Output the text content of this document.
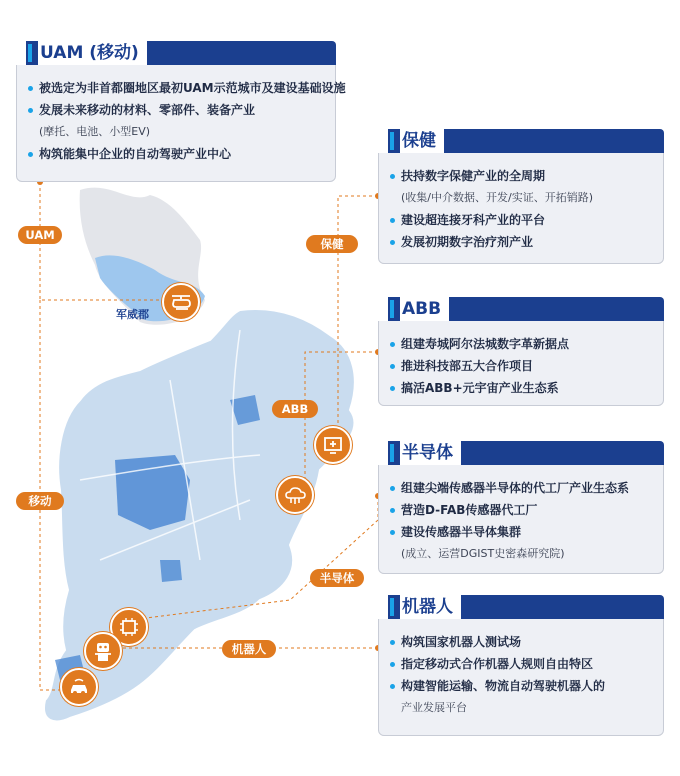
军威郡
UAM
移动
保健
ABB
半导体
机器人
UAM (移动)
被选定为非首都圈地区最初UAM示范城市及建设基础设施
发展未来移动的材料、零部件、装备产业
(摩托、电池、小型EV)
构筑能集中企业的自动驾驶产业中心
保健
扶持数字保健产业的全周期
(收集/中介数据、开发/实证、开拓销路)
建设超连接牙科产业的平台
发展初期数字治疗剂产业
ABB
组建寿城阿尔法城数字革新据点
推进科技部五大合作项目
搞活ABB+元宇宙产业生态系
半导体
组建尖端传感器半导体的代工厂产业生态系
营造D-FAB传感器代工厂
建设传感器半导体集群
(成立、运营DGIST史密森研究院)
机器人
构筑国家机器人测试场
指定移动式合作机器人规则自由特区
构建智能运输、物流自动驾驶机器人的
产业发展平台
